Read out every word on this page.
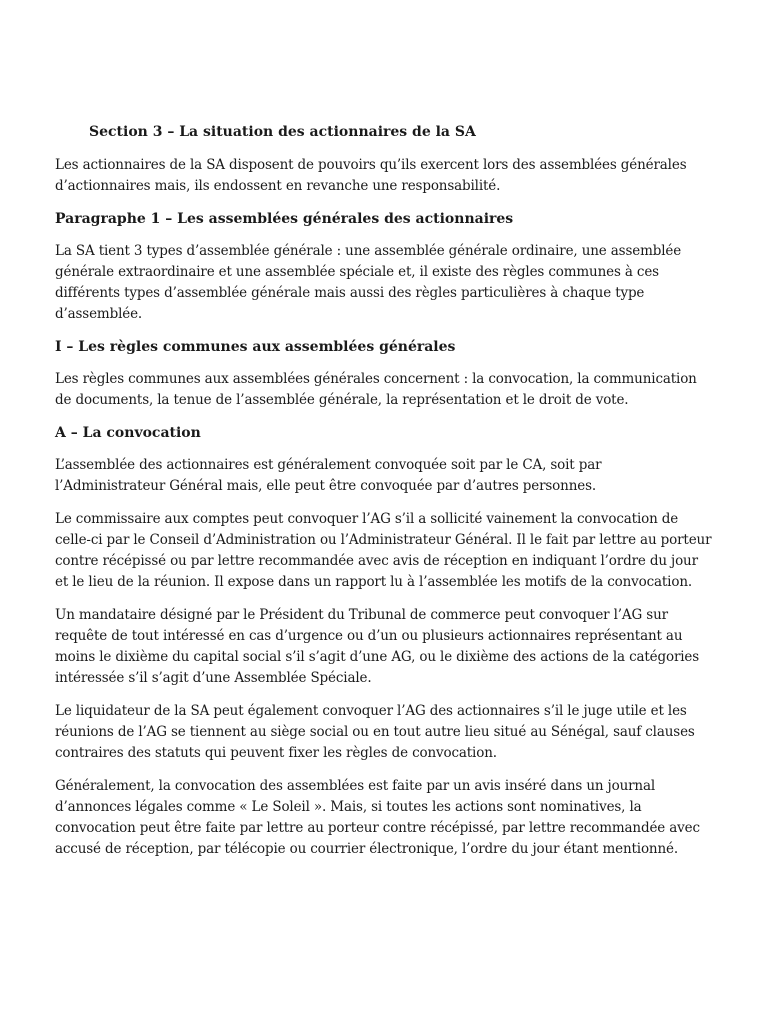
Section 3 – La situation des actionnaires de la SA
Les actionnaires de la SA disposent de pouvoirs qu’ils exercent lors des assemblées générales
d’actionnaires mais, ils endossent en revanche une responsabilité.
Paragraphe 1 – Les assemblées générales des actionnaires
La SA tient 3 types d’assemblée générale : une assemblée générale ordinaire, une assemblée
générale extraordinaire et une assemblée spéciale et, il existe des règles communes à ces
différents types d’assemblée générale mais aussi des règles particulières à chaque type
d’assemblée.
I – Les règles communes aux assemblées générales
Les règles communes aux assemblées générales concernent : la convocation, la communication
de documents, la tenue de l’assemblée générale, la représentation et le droit de vote.
A – La convocation
L’assemblée des actionnaires est généralement convoquée soit par le CA, soit par
l’Administrateur Général mais, elle peut être convoquée par d’autres personnes.
Le commissaire aux comptes peut convoquer l’AG s’il a sollicité vainement la convocation de
celle-ci par le Conseil d’Administration ou l’Administrateur Général. Il le fait par lettre au porteur
contre récépissé ou par lettre recommandée avec avis de réception en indiquant l’ordre du jour
et le lieu de la réunion. Il expose dans un rapport lu à l’assemblée les motifs de la convocation.
Un mandataire désigné par le Président du Tribunal de commerce peut convoquer l’AG sur
requête de tout intéressé en cas d’urgence ou d’un ou plusieurs actionnaires représentant au
moins le dixième du capital social s’il s’agit d’une AG, ou le dixième des actions de la catégories
intéressée s’il s’agit d’une Assemblée Spéciale.
Le liquidateur de la SA peut également convoquer l’AG des actionnaires s’il le juge utile et les
réunions de l’AG se tiennent au siège social ou en tout autre lieu situé au Sénégal, sauf clauses
contraires des statuts qui peuvent fixer les règles de convocation.
Généralement, la convocation des assemblées est faite par un avis inséré dans un journal
d’annonces légales comme « Le Soleil ». Mais, si toutes les actions sont nominatives, la
convocation peut être faite par lettre au porteur contre récépissé, par lettre recommandée avec
accusé de réception, par télécopie ou courrier électronique, l’ordre du jour étant mentionné.
